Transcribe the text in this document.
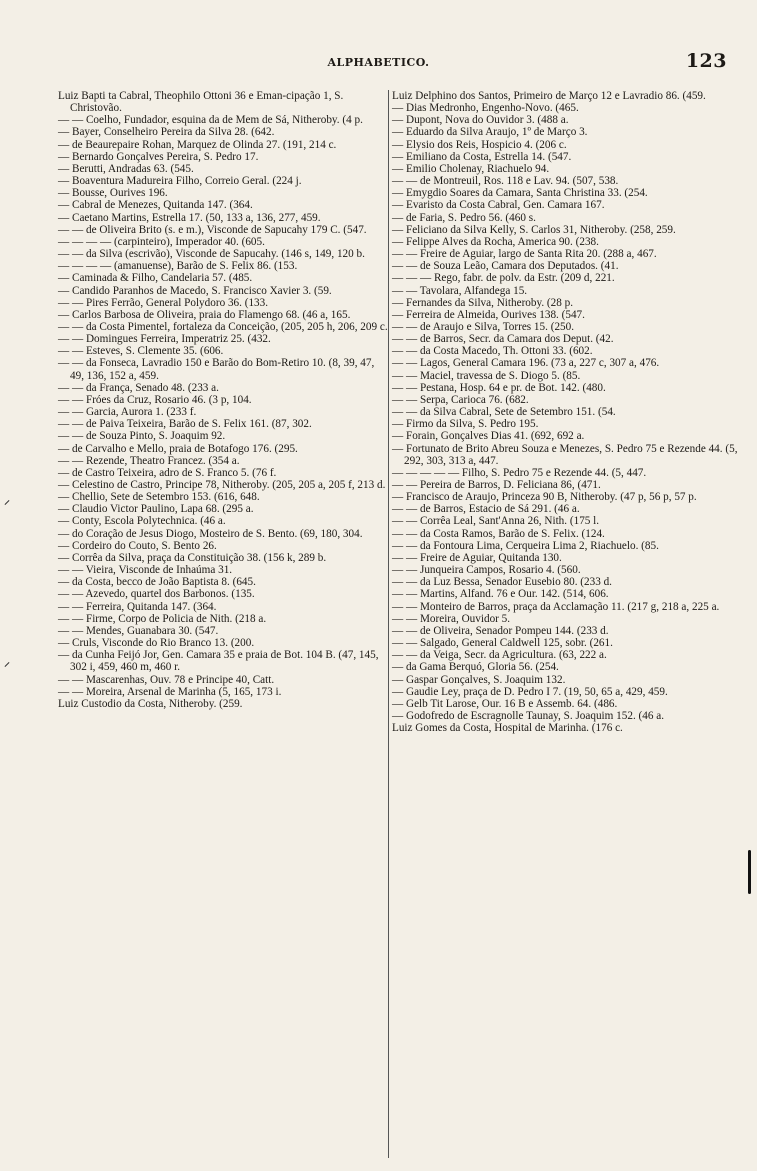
ALPHABETICO.	123

Luiz Bapti ta Cabral, Theophilo Ottoni 36 e Eman-cipação 1, S. Christovão.

— — Coelho, Fundador, esquina da de Mem de Sá, Nitheroby. (4 p.

— Bayer, Conselheiro Pereira da Silva 28. (642.

— de Beaurepaire Rohan, Marquez de Olinda 27. (191, 214 c.

— Bernardo Gonçalves Pereira, S. Pedro 17.

— Berutti, Andradas 63. (545.

— Boaventura Madureira Filho, Correio Geral. (224 j.

— Bousse, Ourives 196.

— Cabral de Menezes, Quitanda 147. (364.

— Caetano Martins, Estrella 17. (50, 133 a, 136, 277, 459.

— — de Oliveira Brito (s. e m.), Visconde de Sapucahy 179 C. (547.

— — — — (carpinteiro), Imperador 40. (605.

— — da Silva (escrivão), Visconde de Sapucahy. (146 s, 149, 120 b.

— — — — (amanuense), Barão de S. Felix 86. (153.

— Caminada & Filho, Candelaria 57. (485.

— Candido Paranhos de Macedo, S. Francisco Xavier 3. (59.

— — Pires Ferrão, General Polydoro 36. (133.

— Carlos Barbosa de Oliveira, praia do Flamengo 68. (46 a, 165.

— — da Costa Pimentel, fortaleza da Conceição, (205, 205 h, 206, 209 c.

— — Domingues Ferreira, Imperatriz 25. (432.

— — Esteves, S. Clemente 35. (606.

— — da Fonseca, Lavradio 150 e Barão do Bom-Retiro 10. (8, 39, 47, 49, 136, 152 a, 459.

— — da França, Senado 48. (233 a.

— — Fróes da Cruz, Rosario 46. (3 p, 104.

— — Garcia, Aurora 1. (233 f.

— — de Paiva Teixeira, Barão de S. Felix 161. (87, 302.

— — de Souza Pinto, S. Joaquim 92.

— de Carvalho e Mello, praia de Botafogo 176. (295.

— — Rezende, Theatro Francez. (354 a.

— de Castro Teixeira, adro de S. Franco 5. (76 f.

— Celestino de Castro, Principe 78, Nitheroby. (205, 205 a, 205 f, 213 d.

— Chellio, Sete de Setembro 153. (616, 648.

— Claudio Victor Paulino, Lapa 68. (295 a.

— Conty, Escola Polytechnica. (46 a.

— do Coração de Jesus Diogo, Mosteiro de S. Bento. (69, 180, 304.

— Cordeiro do Couto, S. Bento 26.

— Corrêa da Silva, praça da Constituição 38. (156 k, 289 b.

— — Vieira, Visconde de Inhaúma 31.

— da Costa, becco de João Baptista 8. (645.

— — Azevedo, quartel dos Barbonos. (135.

— — Ferreira, Quitanda 147. (364.

— — Firme, Corpo de Policia de Nith. (218 a.

— — Mendes, Guanabara 30. (547.

— Cruls, Visconde do Rio Branco 13. (200.

— da Cunha Feijó Jor, Gen. Camara 35 e praia de Bot. 104 B. (47, 145, 302 i, 459, 460 m, 460 r.

— — Mascarenhas, Ouv. 78 e Principe 40, Catt.

— — Moreira, Arsenal de Marinha (5, 165, 173 i.

Luiz Custodio da Costa, Nitheroby. (259.

Luiz Delphino dos Santos, Primeiro de Março 12 e Lavradio 86. (459.

— Dias Medronho, Engenho-Novo. (465.

— Dupont, Nova do Ouvidor 3. (488 a.

— Eduardo da Silva Araujo, 1º de Março 3.

— Elysio dos Reis, Hospicio 4. (206 c.

— Emiliano da Costa, Estrella 14. (547.

— Emilio Cholenay, Riachuelo 94.

— — de Montreuil, Ros. 118 e Lav. 94. (507, 538.

— Emygdio Soares da Camara, Santa Christina 33. (254.

— Evaristo da Costa Cabral, Gen. Camara 167.

— de Faria, S. Pedro 56. (460 s.

— Feliciano da Silva Kelly, S. Carlos 31, Nitheroby. (258, 259.

— Felippe Alves da Rocha, America 90. (238.

— — Freire de Aguiar, largo de Santa Rita 20. (288 a, 467.

— — de Souza Leão, Camara dos Deputados. (41.

— — — Rego, fabr. de polv. da Estr. (209 d, 221.

— — Tavolara, Alfandega 15.

— Fernandes da Silva, Nitheroby. (28 p.

— Ferreira de Almeida, Ourives 138. (547.

— — de Araujo e Silva, Torres 15. (250.

— — de Barros, Secr. da Camara dos Deput. (42.

— — da Costa Macedo, Th. Ottoni 33. (602.

— — Lagos, General Camara 196. (73 a, 227 c, 307 a, 476.

— — Maciel, travessa de S. Diogo 5. (85.

— — Pestana, Hosp. 64 e pr. de Bot. 142. (480.

— — Serpa, Carioca 76. (682.

— — da Silva Cabral, Sete de Setembro 151. (54.

— Firmo da Silva, S. Pedro 195.

— Forain, Gonçalves Dias 41. (692, 692 a.

— Fortunato de Brito Abreu Souza e Menezes, S. Pedro 75 e Rezende 44. (5, 292, 303, 313 a, 447.

— — — — — Filho, S. Pedro 75 e Rezende 44. (5, 447.

— — Pereira de Barros, D. Feliciana 86, (471.

— Francisco de Araujo, Princeza 90 B, Nitheroby. (47 p, 56 p, 57 p.

— — de Barros, Estacio de Sá 291. (46 a.

— — Corrêa Leal, Sant'Anna 26, Nith. (175 l.

— — da Costa Ramos, Barão de S. Felix. (124.

— — da Fontoura Lima, Cerqueira Lima 2, Riachuelo. (85.

— — Freire de Aguiar, Quitanda 130.

— — Junqueira Campos, Rosario 4. (560.

— — da Luz Bessa, Senador Eusebio 80. (233 d.

— — Martins, Alfand. 76 e Our. 142. (514, 606.

— — Monteiro de Barros, praça da Acclamação 11. (217 g, 218 a, 225 a.

— — Moreira, Ouvidor 5.

— — de Oliveira, Senador Pompeu 144. (233 d.

— — Salgado, General Caldwell 125, sobr. (261.

— — da Veiga, Secr. da Agricultura. (63, 222 a.

— da Gama Berquó, Gloria 56. (254.

— Gaspar Gonçalves, S. Joaquim 132.

— Gaudie Ley, praça de D. Pedro I 7. (19, 50, 65 a, 429, 459.

— Gelb Tit Larose, Our. 16 B e Assemb. 64. (486.

— Godofredo de Escragnolle Taunay, S. Joaquim 152. (46 a.

Luiz Gomes da Costa, Hospital de Marinha. (176 c.
